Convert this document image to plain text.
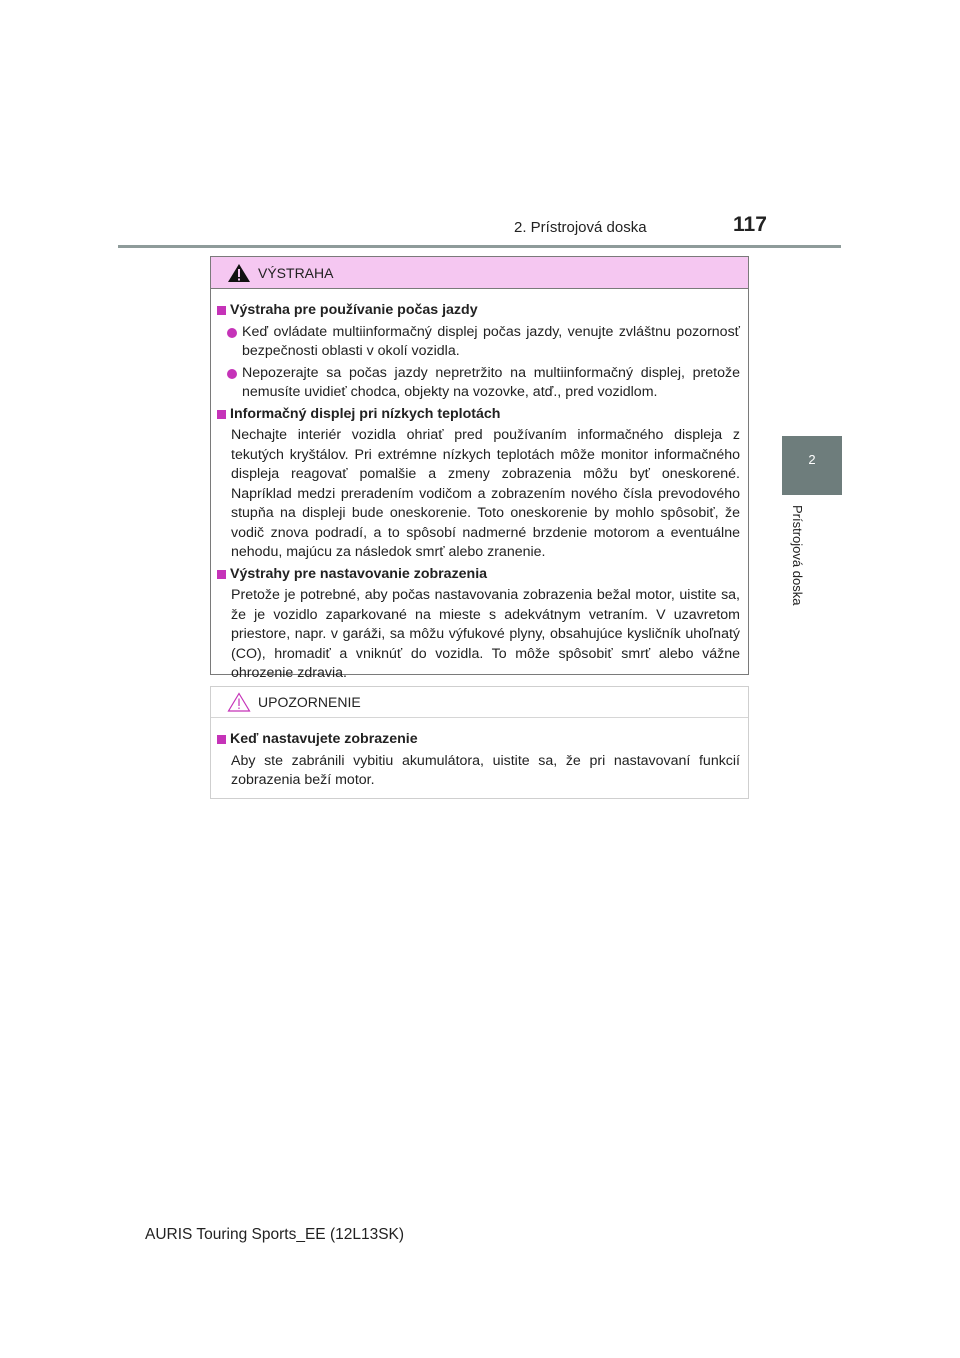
2. Prístrojová doska	117
2
Prístrojová doska
VÝSTRAHA
Výstraha pre používanie počas jazdy
Keď ovládate multiinformačný displej počas jazdy, venujte zvláštnu pozornosť bezpečnosti oblasti v okolí vozidla.
Nepozerajte sa počas jazdy nepretržito na multiinformačný displej, pretože nemusíte uvidieť chodca, objekty na vozovke, atď., pred vozidlom.
Informačný displej pri nízkych teplotách
Nechajte interiér vozidla ohriať pred používaním informačného displeja z tekutých kryštálov. Pri extrémne nízkych teplotách môže monitor informačného displeja reagovať pomalšie a zmeny zobrazenia môžu byť oneskorené. Napríklad medzi preradením vodičom a zobrazením nového čísla prevodového stupňa na displeji bude oneskorenie. Toto oneskorenie by mohlo spôsobiť, že vodič znova podradí, a to spôsobí nadmerné brzdenie motorom a eventuálne nehodu, majúcu za následok smrť alebo zranenie.
Výstrahy pre nastavovanie zobrazenia
Pretože je potrebné, aby počas nastavovania zobrazenia bežal motor, uistite sa, že je vozidlo zaparkované na mieste s adekvátnym vetraním. V uzavretom priestore, napr. v garáži, sa môžu výfukové plyny, obsahujúce kysličník uhoľnatý (CO), hromadiť a vniknúť do vozidla. To môže spôsobiť smrť alebo vážne ohrozenie zdravia.
UPOZORNENIE
Keď nastavujete zobrazenie
Aby ste zabránili vybitiu akumulátora, uistite sa, že pri nastavovaní funkcií zobrazenia beží motor.
AURIS Touring Sports_EE (12L13SK)
